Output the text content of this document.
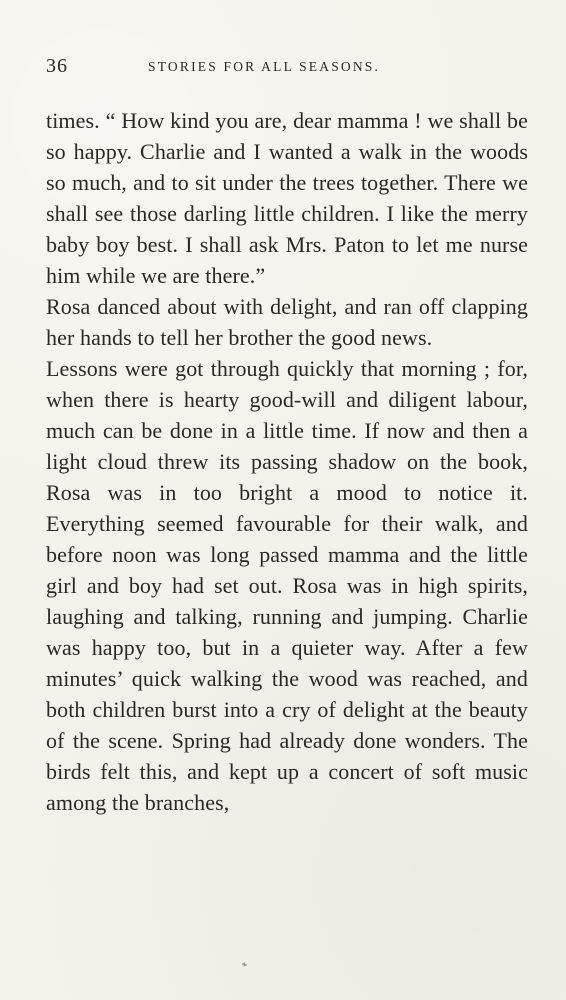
36	STORIES FOR ALL SEASONS.

times. “ How kind you are, dear mamma ! we shall be so happy. Charlie and I wanted a walk in the woods so much, and to sit under the trees together. There we shall see those darling little children. I like the merry baby boy best. I shall ask Mrs. Paton to let me nurse him while we are there.”

Rosa danced about with delight, and ran off clapping her hands to tell her brother the good news.

Lessons were got through quickly that morning ; for, when there is hearty good-will and diligent labour, much can be done in a little time. If now and then a light cloud threw its passing shadow on the book, Rosa was in too bright a mood to notice it. Everything seemed favourable for their walk, and before noon was long passed mamma and the little girl and boy had set out. Rosa was in high spirits, laughing and talking, running and jumping. Charlie was happy too, but in a quieter way. After a few minutes’ quick walking the wood was reached, and both children burst into a cry of delight at the beauty of the scene. Spring had already done wonders. The birds felt this, and kept up a concert of soft music among the branches,

*
